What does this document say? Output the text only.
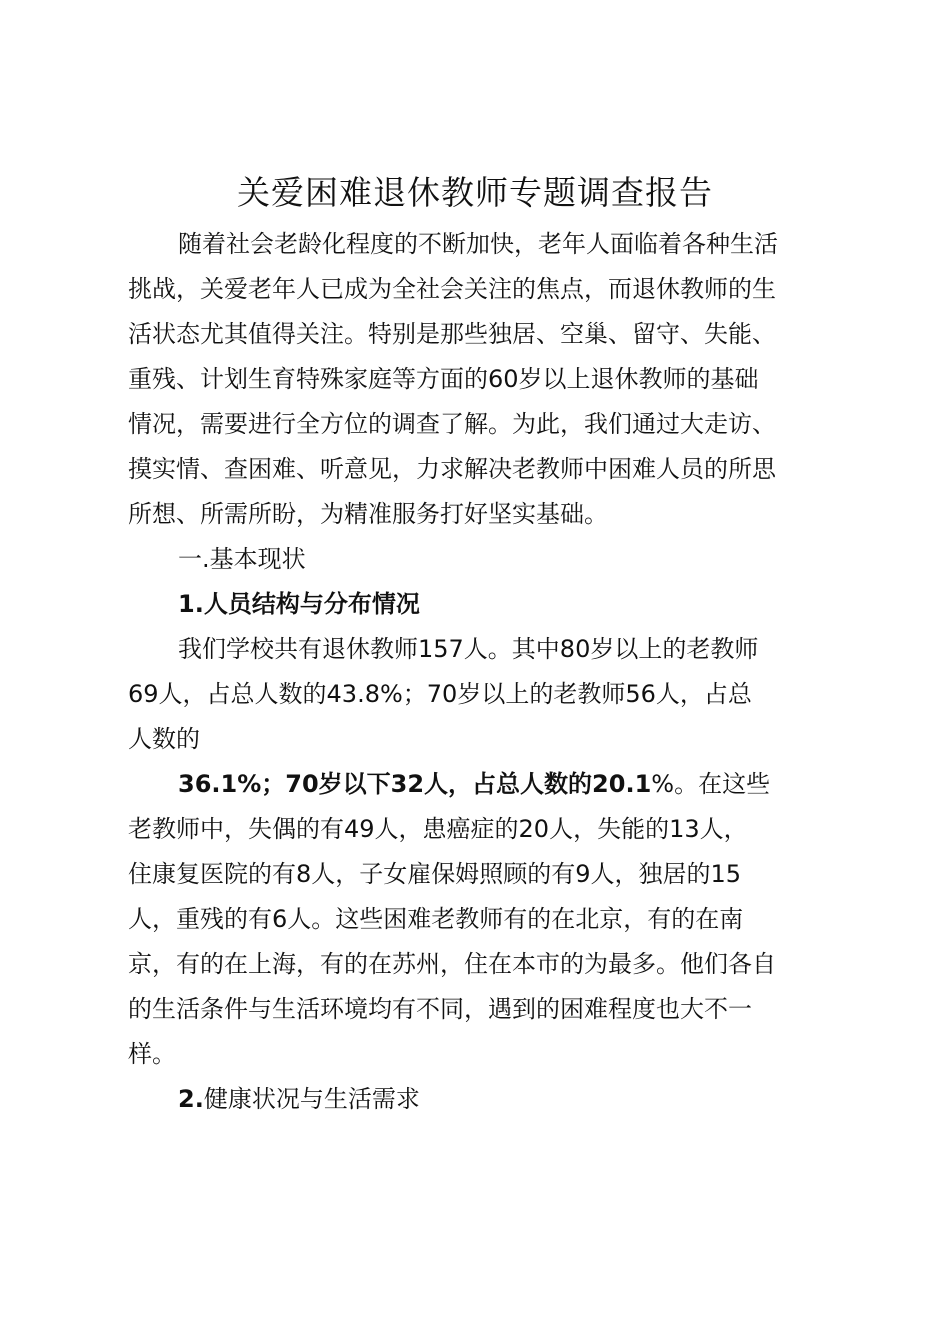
关爱困难退休教师专题调查报告
随着社会老龄化程度的不断加快，老年人面临着各种生活
挑战，关爱老年人已成为全社会关注的焦点，而退休教师的生
活状态尤其值得关注。特别是那些独居、空巢、留守、失能、
重残、计划生育特殊家庭等方面的60岁以上退休教师的基础
情况，需要进行全方位的调查了解。为此，我们通过大走访、
摸实情、查困难、听意见，力求解决老教师中困难人员的所思
所想、所需所盼，为精准服务打好坚实基础。
一.基本现状
1.人员结构与分布情况
我们学校共有退休教师157人。其中80岁以上的老教师
69人，占总人数的43.8%；70岁以上的老教师56人，占总
人数的
36.1%；70岁以下32人，占总人数的20.1%。在这些
老教师中，失偶的有49人，患癌症的20人，失能的13人，
住康复医院的有8人，子女雇保姆照顾的有9人，独居的15
人，重残的有6人。这些困难老教师有的在北京，有的在南
京，有的在上海，有的在苏州，住在本市的为最多。他们各自
的生活条件与生活环境均有不同，遇到的困难程度也大不一
样。
2.健康状况与生活需求
